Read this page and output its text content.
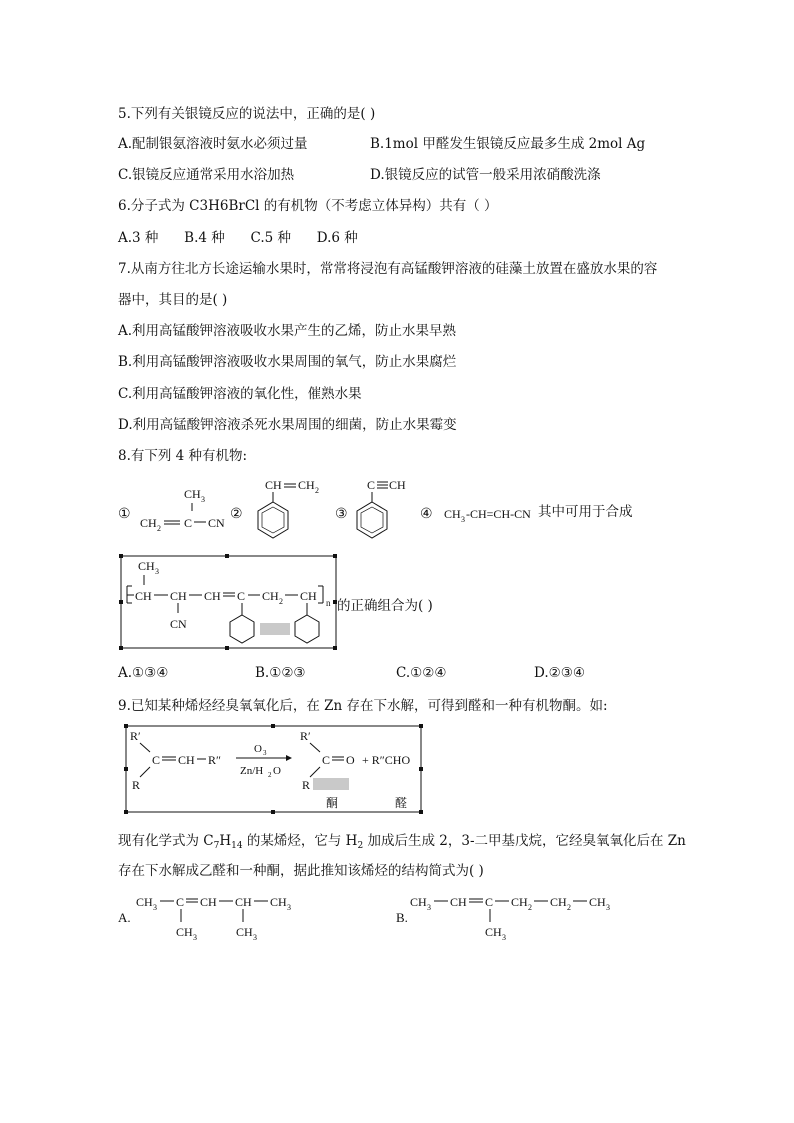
5.下列有关银镜反应的说法中，正确的是( )
A.配制银氨溶液时氨水必须过量	B.1mol 甲醛发生银镜反应最多生成 2mol Ag
C.银镜反应通常采用水浴加热	D.银镜反应的试管一般采用浓硝酸洗涤
6.分子式为 C3H6BrCl 的有机物（不考虑立体异构）共有（ ）
A.3 种      B.4 种      C.5 种      D.6 种
7.从南方往北方长途运输水果时，常常将浸泡有高锰酸钾溶液的硅藻土放置在盛放水果的容
器中，其目的是( )
A.利用高锰酸钾溶液吸收水果产生的乙烯，防止水果早熟
B.利用高锰酸钾溶液吸收水果周围的氧气，防止水果腐烂
C.利用高锰酸钾溶液的氧化性，催熟水果
D.利用高锰酸钾溶液杀死水果周围的细菌，防止水果霉变
8.有下列 4 种有机物:
①
CH 3
CH 2 C CN
②
CH CH 2
③
C CH
④ CH 3 -CH=CH-CN 其中可用于合成
CH 3
CH CH
CN
CH C CH 2 CH n 的正确组合为( )
A.①③④	B.①②③	C.①②④	D.②③④
9.已知某种烯烃经臭氧氧化后，在 Zn 存在下水解，可得到醛和一种有机物酮。如:
R′
C CH R″
R
O 3
Zn/H 2 O
R′
C O + R″CHO
R
酮	醛
现有化学式为 $C_7H_{14}$ 的某烯烃，它与 $H_2$ 加成后生成 2，3-二甲基戊烷，它经臭氧氧化后在 Zn
存在下水解成乙醛和一种酮，据此推知该烯烃的结构简式为( )
A.
CH 3 C CH CH CH 3
CH 3	CH 3
B.
CH 3 CH C CH 2 CH 2 CH 3
CH 3
